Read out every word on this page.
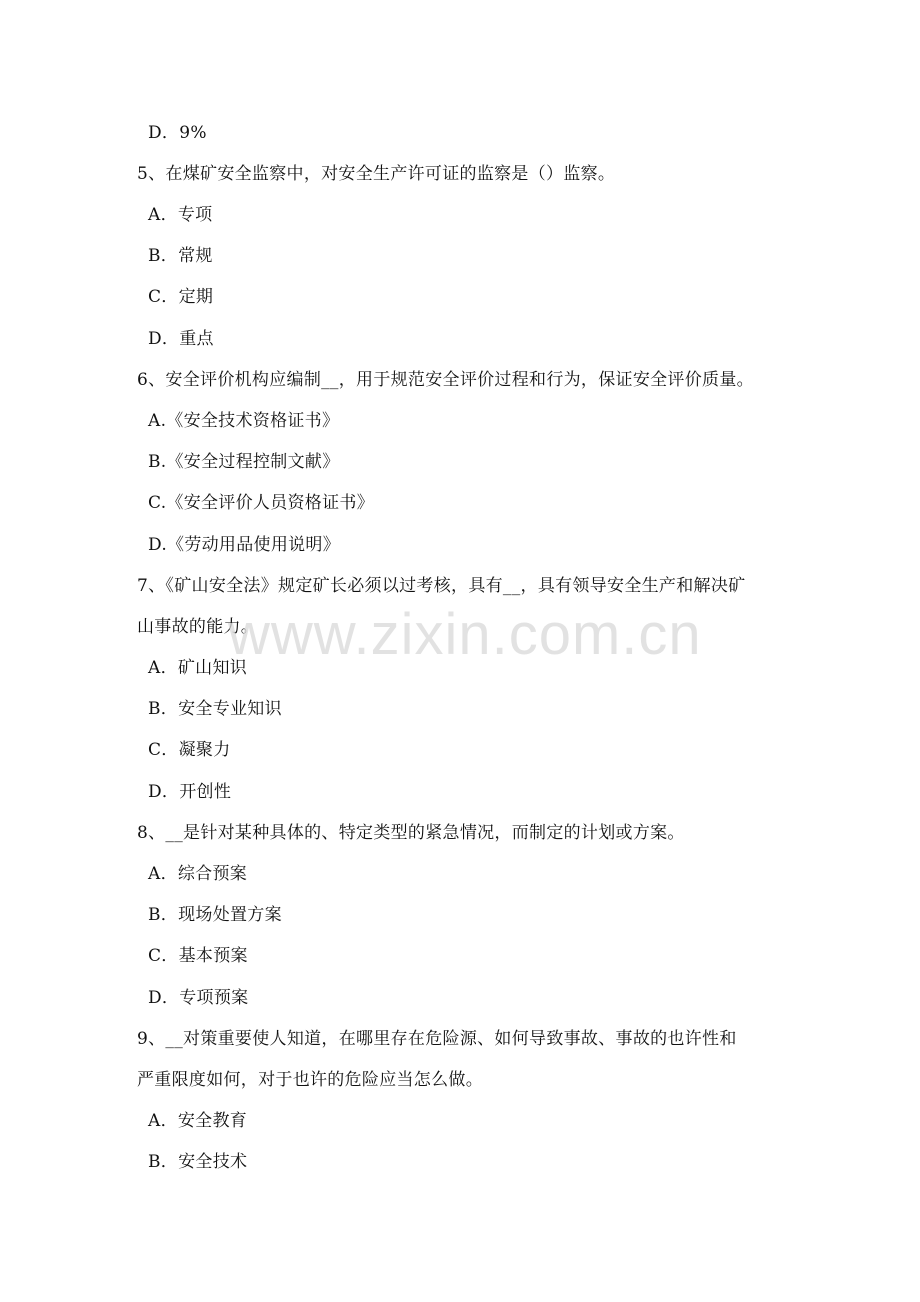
D．9%
5、在煤矿安全监察中，对安全生产许可证的监察是（）监察。
A．专项
B．常规
C．定期
D．重点
6、安全评价机构应编制__，用于规范安全评价过程和行为，保证安全评价质量。
A.《安全技术资格证书》
B.《安全过程控制文献》
C.《安全评价人员资格证书》
D.《劳动用品使用说明》
7、《矿山安全法》规定矿长必须以过考核，具有__，具有领导安全生产和解决矿
山事故的能力。
A．矿山知识
B．安全专业知识
C．凝聚力
D．开创性
8、__是针对某种具体的、特定类型的紧急情况，而制定的计划或方案。
A．综合预案
B．现场处置方案
C．基本预案
D．专项预案
9、__对策重要使人知道，在哪里存在危险源、如何导致事故、事故的也许性和
严重限度如何，对于也许的危险应当怎么做。
A．安全教育
B．安全技术
www.zixin.com.cn
